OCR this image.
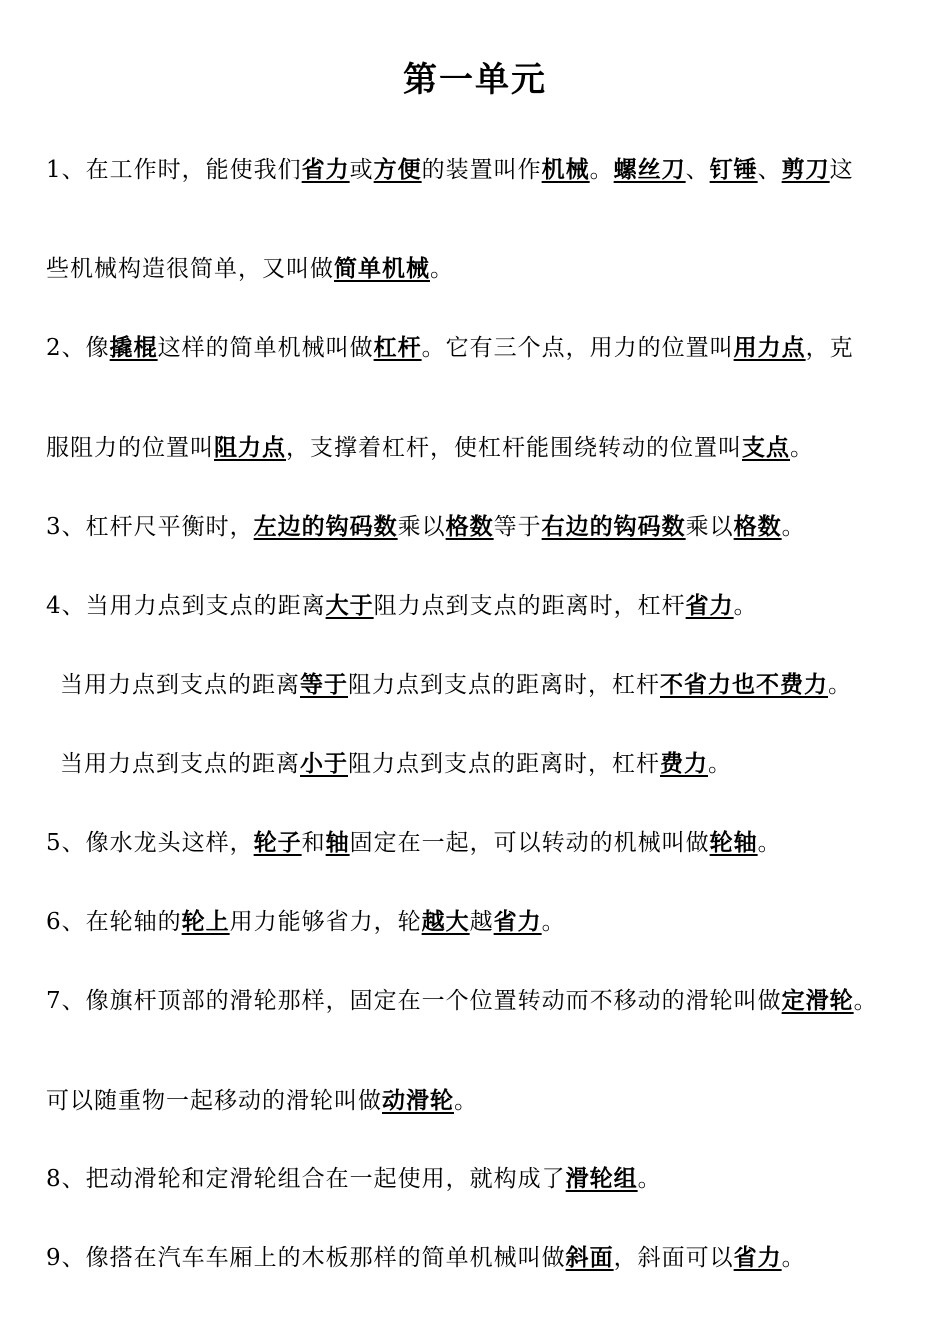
第一单元
1、在工作时，能使我们省力或方便的装置叫作机械。螺丝刀、钉锤、剪刀这
些机械构造很简单，又叫做简单机械。
2、像撬棍这样的简单机械叫做杠杆。它有三个点，用力的位置叫用力点，克
服阻力的位置叫阻力点，支撑着杠杆，使杠杆能围绕转动的位置叫支点。
3、杠杆尺平衡时，左边的钩码数乘以格数等于右边的钩码数乘以格数。
4、当用力点到支点的距离大于阻力点到支点的距离时，杠杆省力。
当用力点到支点的距离等于阻力点到支点的距离时，杠杆不省力也不费力。
当用力点到支点的距离小于阻力点到支点的距离时，杠杆费力。
5、像水龙头这样，轮子和轴固定在一起，可以转动的机械叫做轮轴。
6、在轮轴的轮上用力能够省力，轮越大越省力。
7、像旗杆顶部的滑轮那样，固定在一个位置转动而不移动的滑轮叫做定滑轮。
可以随重物一起移动的滑轮叫做动滑轮。
8、把动滑轮和定滑轮组合在一起使用，就构成了滑轮组。
9、像搭在汽车车厢上的木板那样的简单机械叫做斜面，斜面可以省力。
